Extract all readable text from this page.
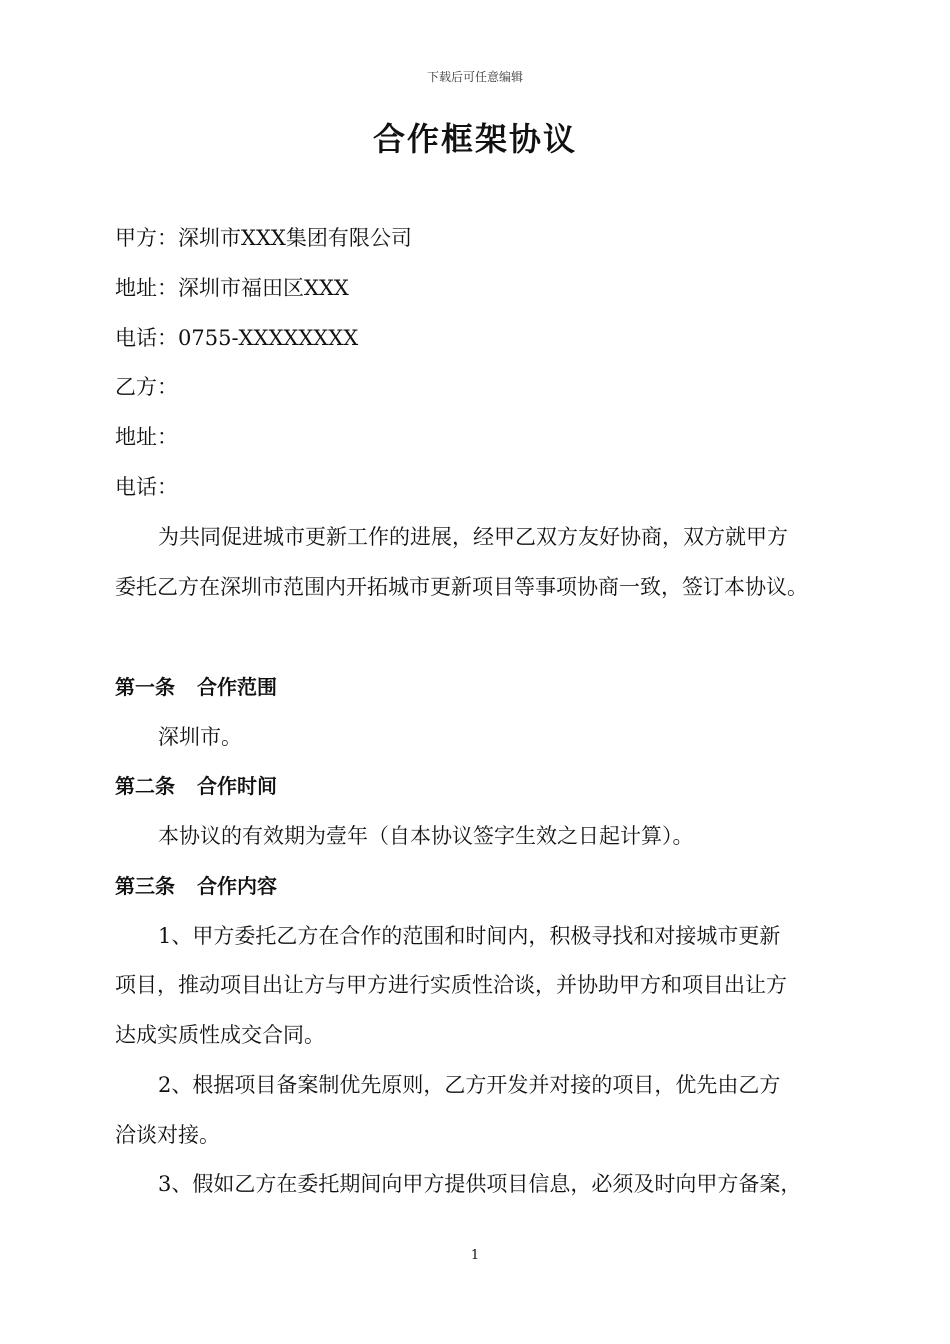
下载后可任意编辑
合作框架协议
甲方：深圳市XXX集团有限公司
地址：深圳市福田区XXX
电话：0755-XXXXXXXX
乙方：
地址：
电话：
为共同促进城市更新工作的进展，经甲乙双方友好协商，双方就甲方
委托乙方在深圳市范围内开拓城市更新项目等事项协商一致，签订本协议。
第一条 合作范围
深圳市。
第二条 合作时间
本协议的有效期为壹年（自本协议签字生效之日起计算）。
第三条 合作内容
1、甲方委托乙方在合作的范围和时间内，积极寻找和对接城市更新
项目，推动项目出让方与甲方进行实质性洽谈，并协助甲方和项目出让方
达成实质性成交合同。
2、根据项目备案制优先原则，乙方开发并对接的项目，优先由乙方
洽谈对接。
3、假如乙方在委托期间向甲方提供项目信息，必须及时向甲方备案，
1
